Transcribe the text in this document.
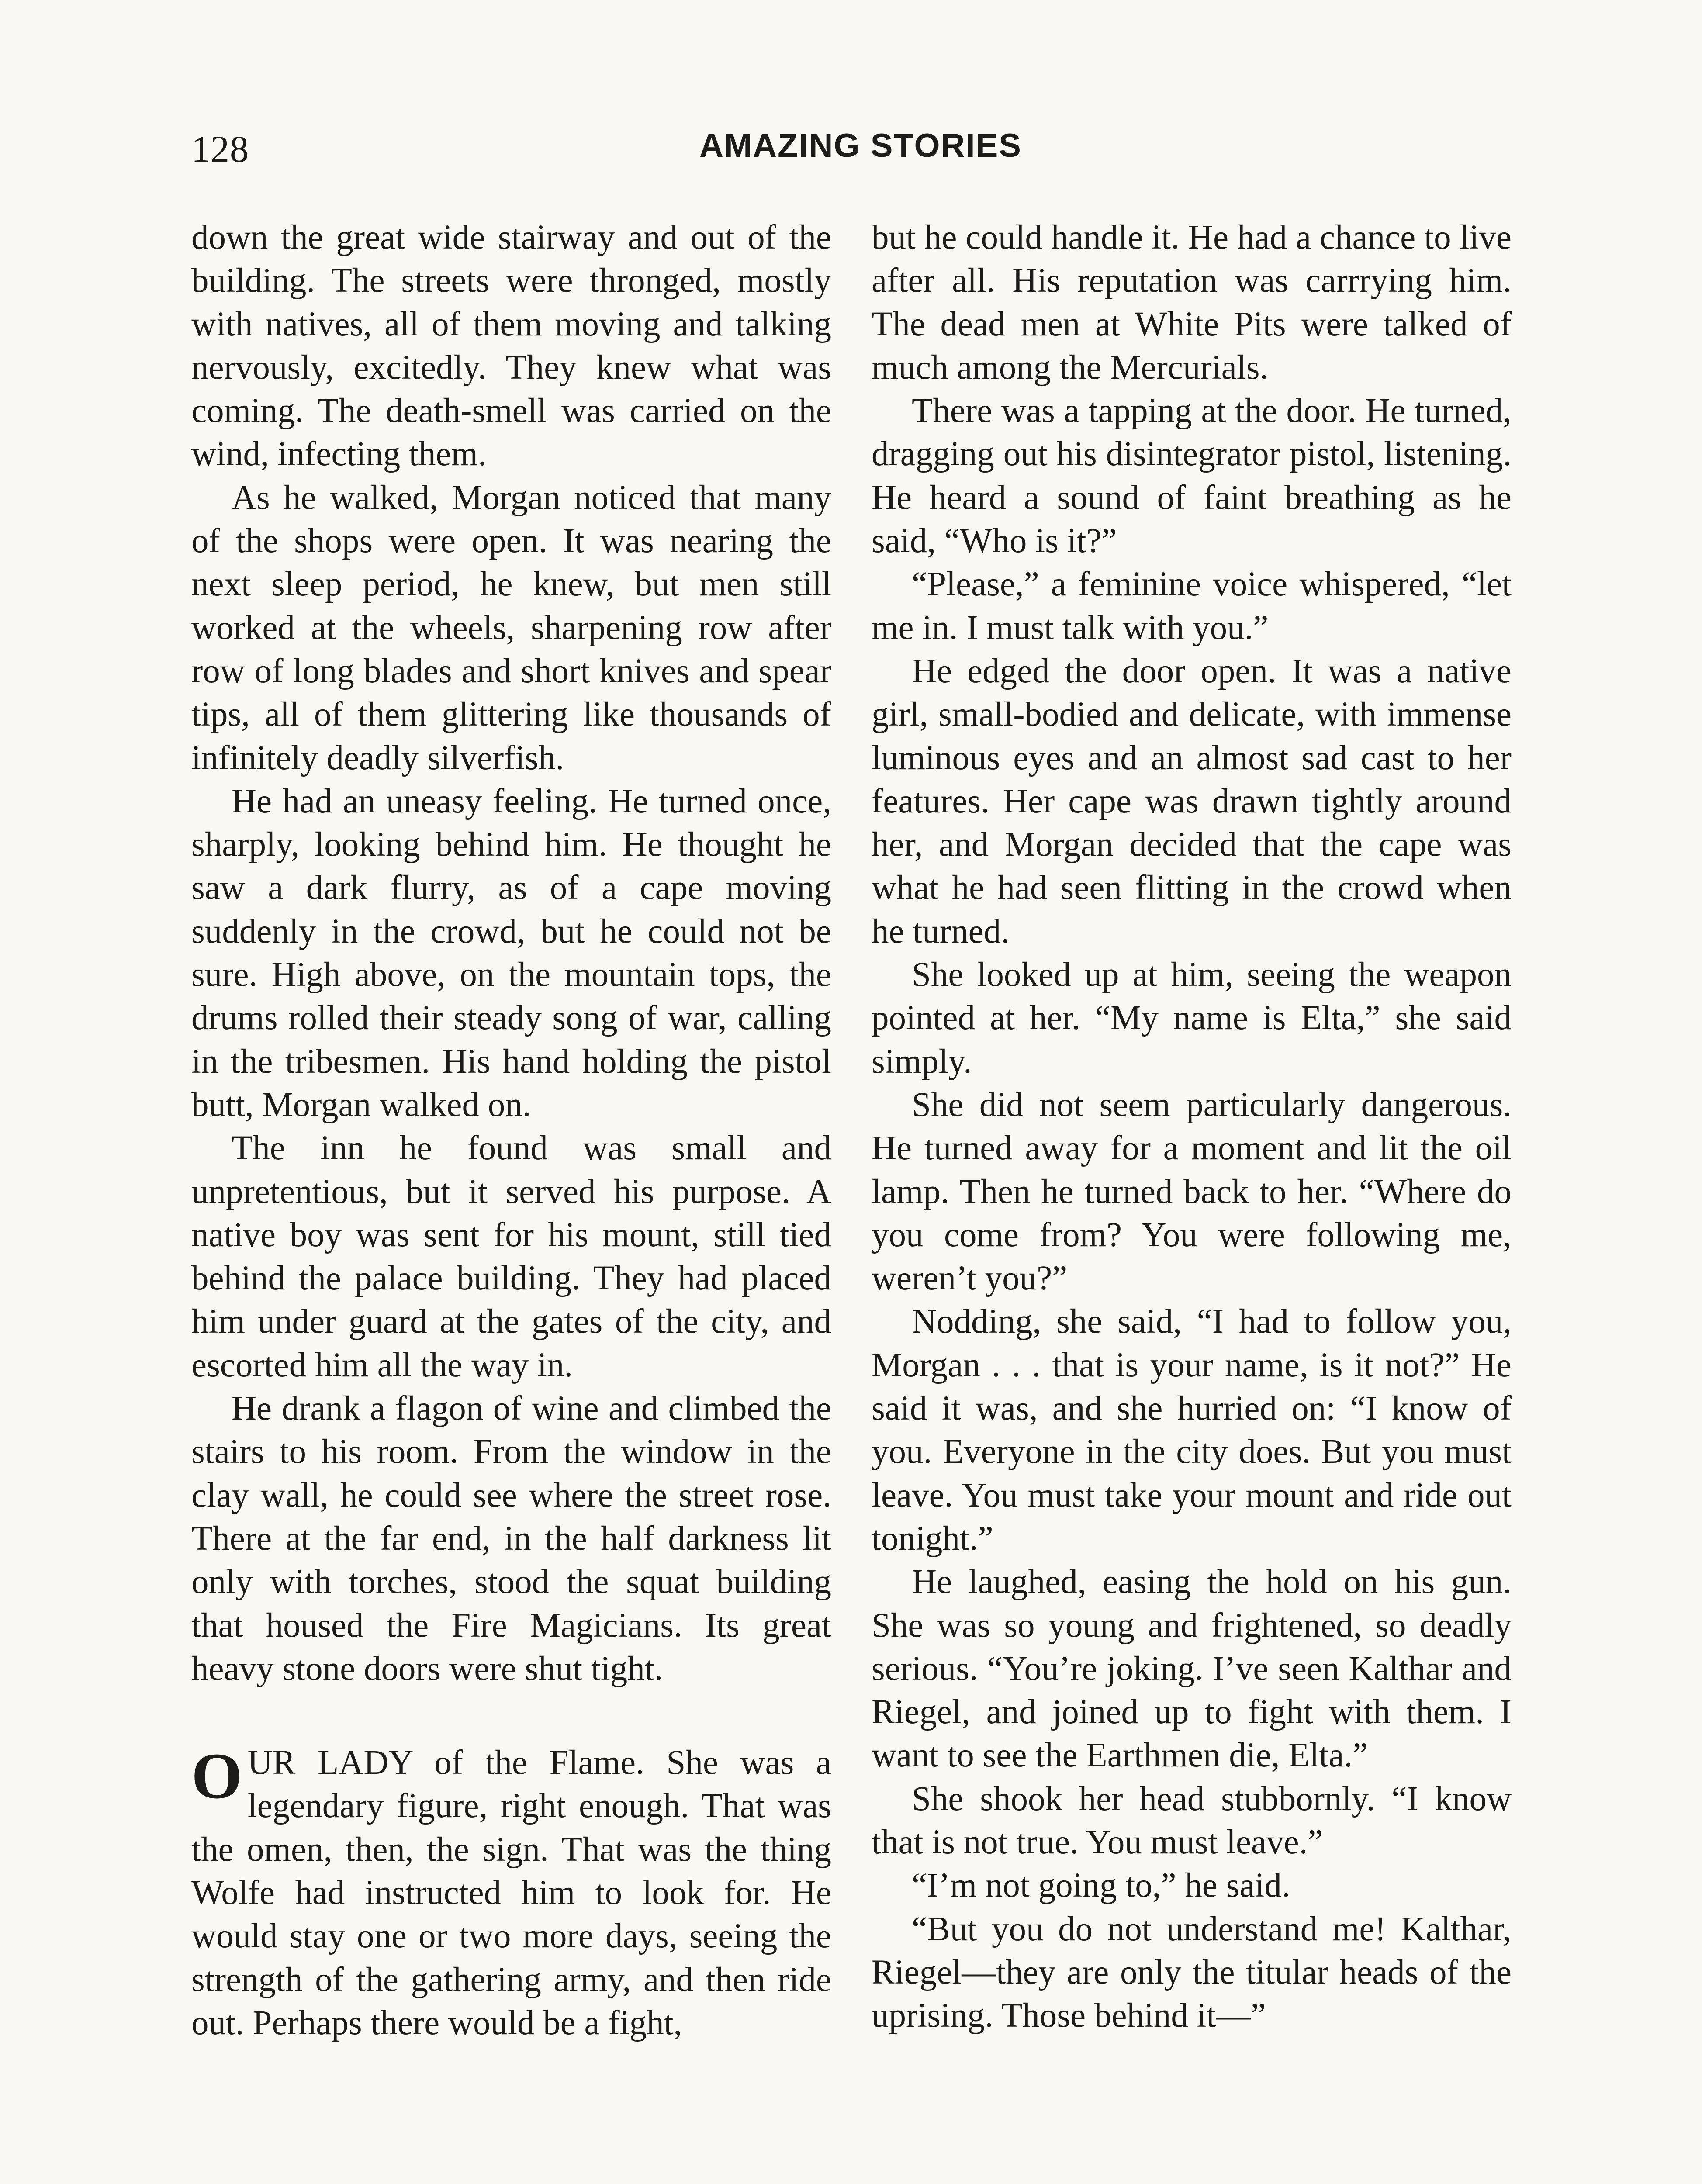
128	AMAZING STORIES

down the great wide stairway and out of the building. The streets were thronged, mostly with natives, all of them moving and talking nervously, excitedly. They knew what was coming. The death-smell was carried on the wind, infecting them.

As he walked, Morgan noticed that many of the shops were open. It was nearing the next sleep period, he knew, but men still worked at the wheels, sharpening row after row of long blades and short knives and spear tips, all of them glittering like thousands of infinitely deadly silverfish.

He had an uneasy feeling. He turned once, sharply, looking behind him. He thought he saw a dark flurry, as of a cape moving suddenly in the crowd, but he could not be sure. High above, on the mountain tops, the drums rolled their steady song of war, calling in the tribesmen. His hand holding the pistol butt, Morgan walked on.

The inn he found was small and unpretentious, but it served his purpose. A native boy was sent for his mount, still tied behind the palace building. They had placed him under guard at the gates of the city, and escorted him all the way in.

He drank a flagon of wine and climbed the stairs to his room. From the window in the clay wall, he could see where the street rose. There at the far end, in the half darkness lit only with torches, stood the squat building that housed the Fire Magicians. Its great heavy stone doors were shut tight.

OUR LADY of the Flame. She was a legendary figure, right enough. That was the omen, then, the sign. That was the thing Wolfe had instructed him to look for. He would stay one or two more days, seeing the strength of the gathering army, and then ride out. Perhaps there would be a fight,

but he could handle it. He had a chance to live after all. His reputation was carrrying him. The dead men at White Pits were talked of much among the Mercurials.

There was a tapping at the door. He turned, dragging out his disintegrator pistol, listening. He heard a sound of faint breathing as he said, “Who is it?”

“Please,” a feminine voice whispered, “let me in. I must talk with you.”

He edged the door open. It was a native girl, small-bodied and delicate, with immense luminous eyes and an almost sad cast to her features. Her cape was drawn tightly around her, and Morgan decided that the cape was what he had seen flitting in the crowd when he turned.

She looked up at him, seeing the weapon pointed at her. “My name is Elta,” she said simply.

She did not seem particularly dangerous. He turned away for a moment and lit the oil lamp. Then he turned back to her. “Where do you come from? You were following me, weren’t you?”

Nodding, she said, “I had to follow you, Morgan . . . that is your name, is it not?” He said it was, and she hurried on: “I know of you. Everyone in the city does. But you must leave. You must take your mount and ride out tonight.”

He laughed, easing the hold on his gun. She was so young and frightened, so deadly serious. “You’re joking. I’ve seen Kalthar and Riegel, and joined up to fight with them. I want to see the Earthmen die, Elta.”

She shook her head stubbornly. “I know that is not true. You must leave.”

“I’m not going to,” he said.

“But you do not understand me! Kalthar, Riegel—they are only the titular heads of the uprising. Those behind it—”
